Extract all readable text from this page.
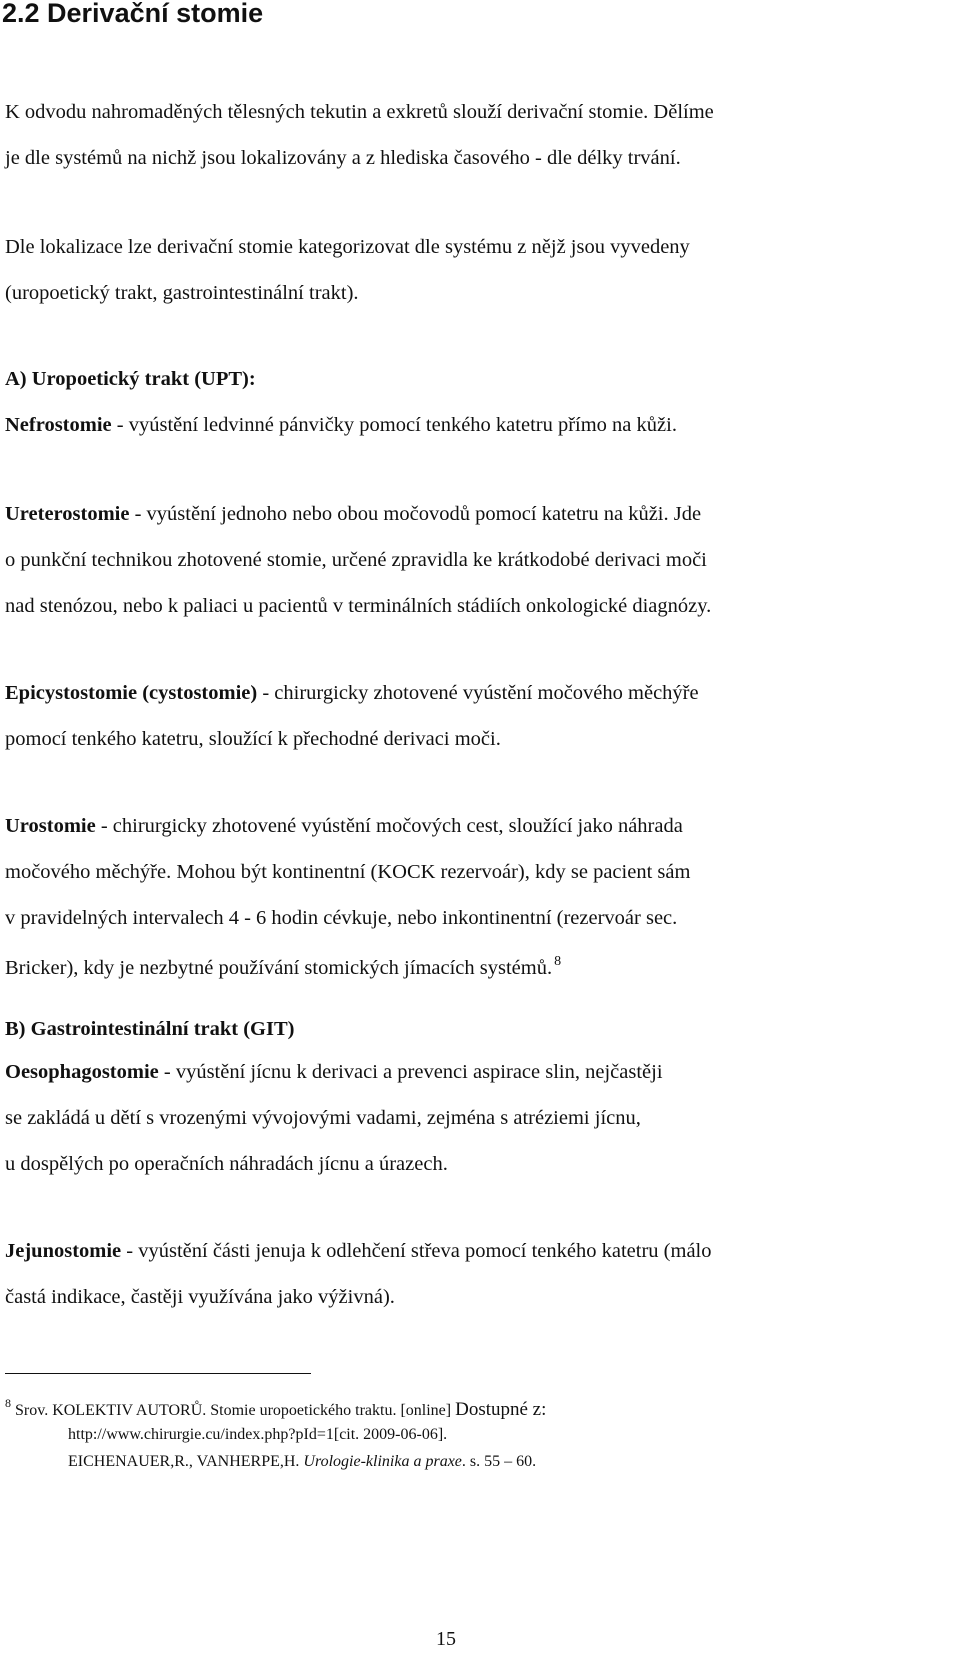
2.2 Derivační stomie
K odvodu nahromaděných tělesných tekutin a exkretů slouží derivační stomie. Dělíme
je dle systémů na nichž jsou lokalizovány a z hlediska časového - dle délky trvání.
Dle lokalizace lze derivační stomie kategorizovat dle systému z nějž jsou vyvedeny
(uropoetický trakt, gastrointestinální trakt).
A) Uropoetický trakt (UPT):
Nefrostomie - vyústění ledvinné pánvičky pomocí tenkého katetru přímo na kůži.
Ureterostomie - vyústění jednoho nebo obou močovodů pomocí katetru na kůži. Jde
o punkční technikou zhotovené stomie, určené zpravidla ke krátkodobé derivaci moči
nad stenózou, nebo k paliaci u pacientů v terminálních stádiích onkologické diagnózy.
Epicystostomie (cystostomie) - chirurgicky zhotovené vyústění močového měchýře
pomocí tenkého katetru, sloužící k přechodné derivaci moči.
Urostomie - chirurgicky zhotovené vyústění močových cest, sloužící jako náhrada
močového měchýře. Mohou být kontinentní (KOCK rezervoár), kdy se pacient sám
v pravidelných intervalech 4 - 6 hodin cévkuje, nebo inkontinentní (rezervoár sec.
Bricker), kdy je nezbytné používání stomických jímacích systémů. $^8$
B) Gastrointestinální trakt (GIT)
Oesophagostomie - vyústění jícnu k derivaci a prevenci aspirace slin, nejčastěji
se zakládá u dětí s vrozenými vývojovými vadami, zejména s atréziemi jícnu,
u dospělých po operačních náhradách jícnu a úrazech.
Jejunostomie - vyústění části jenuja k odlehčení střeva pomocí tenkého katetru (málo
častá indikace, častěji využívána jako výživná).
$^8$ Srov. KOLEKTIV AUTORŮ. Stomie uropoetického traktu. [online] Dostupné z:
http://www.chirurgie.cu/index.php?pId=1[cit. 2009-06-06].
EICHENAUER,R., VANHERPE,H. Urologie-klinika a praxe. s. 55 – 60.
15
